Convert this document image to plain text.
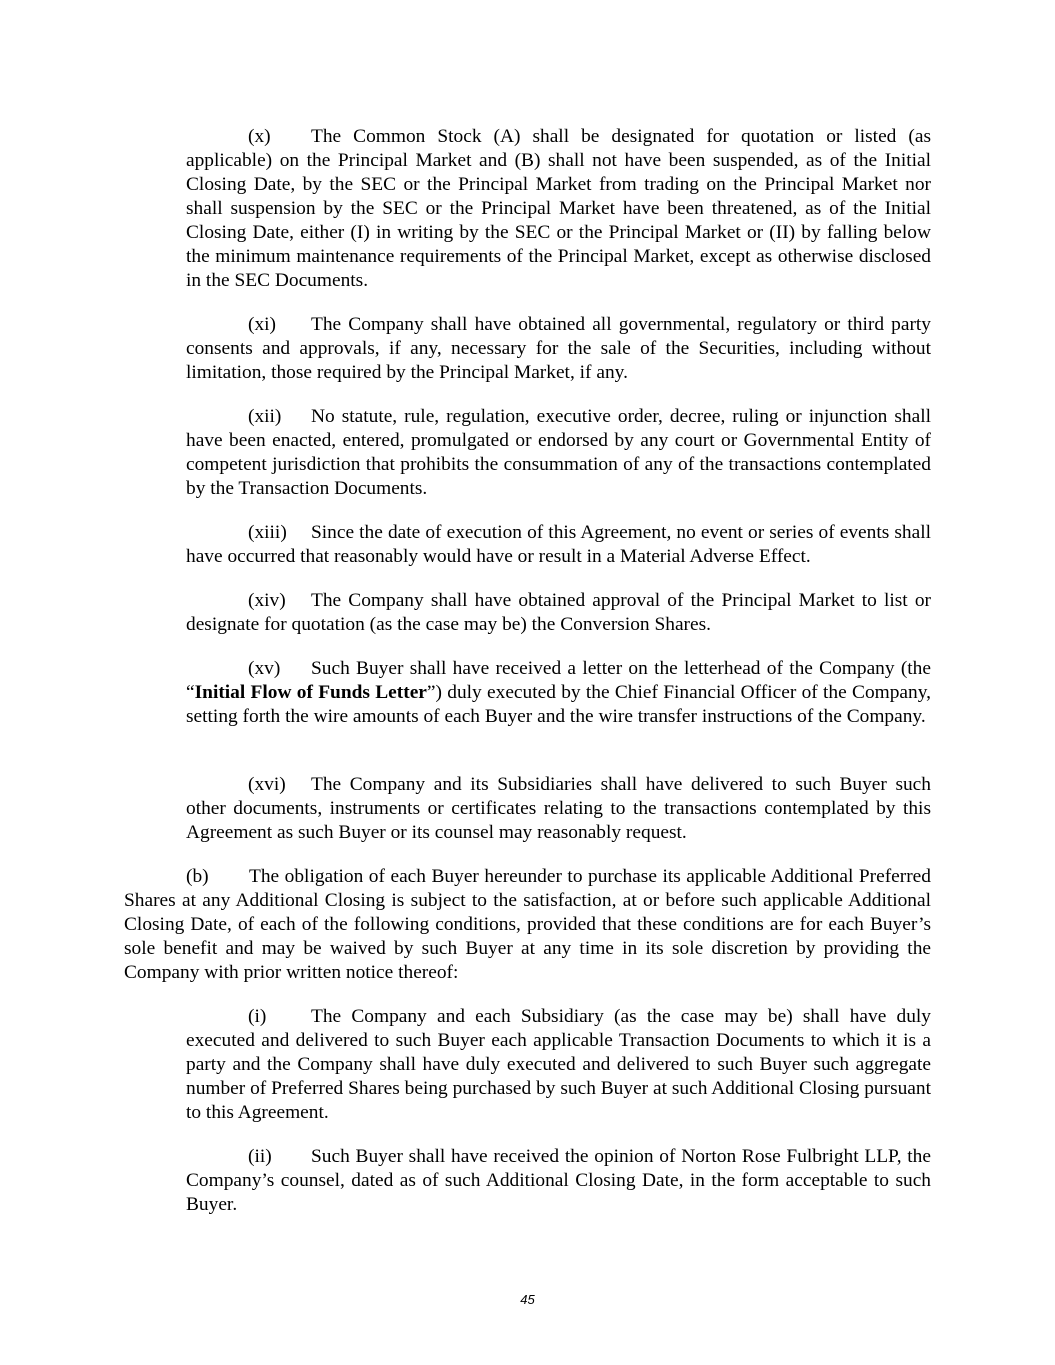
(x) The Common Stock (A) shall be designated for quotation or listed (as applicable) on the Principal Market and (B) shall not have been suspended, as of the Initial Closing Date, by the SEC or the Principal Market from trading on the Principal Market nor shall suspension by the SEC or the Principal Market have been threatened, as of the Initial Closing Date, either (I) in writing by the SEC or the Principal Market or (II) by falling below the minimum maintenance requirements of the Principal Market, except as otherwise disclosed in the SEC Documents.

(xi) The Company shall have obtained all governmental, regulatory or third party consents and approvals, if any, necessary for the sale of the Securities, including without limitation, those required by the Principal Market, if any.

(xii) No statute, rule, regulation, executive order, decree, ruling or injunction shall have been enacted, entered, promulgated or endorsed by any court or Governmental Entity of competent jurisdiction that prohibits the consummation of any of the transactions contemplated by the Transaction Documents.

(xiii) Since the date of execution of this Agreement, no event or series of events shall have occurred that reasonably would have or result in a Material Adverse Effect.

(xiv) The Company shall have obtained approval of the Principal Market to list or designate for quotation (as the case may be) the Conversion Shares.

(xv) Such Buyer shall have received a letter on the letterhead of the Company (the “Initial Flow of Funds Letter”) duly executed by the Chief Financial Officer of the Company, setting forth the wire amounts of each Buyer and the wire transfer instructions of the Company.

(xvi) The Company and its Subsidiaries shall have delivered to such Buyer such other documents, instruments or certificates relating to the transactions contemplated by this Agreement as such Buyer or its counsel may reasonably request.

(b) The obligation of each Buyer hereunder to purchase its applicable Additional Preferred Shares at any Additional Closing is subject to the satisfaction, at or before such applicable Additional Closing Date, of each of the following conditions, provided that these conditions are for each Buyer’s sole benefit and may be waived by such Buyer at any time in its sole discretion by providing the Company with prior written notice thereof:

(i) The Company and each Subsidiary (as the case may be) shall have duly executed and delivered to such Buyer each applicable Transaction Documents to which it is a party and the Company shall have duly executed and delivered to such Buyer such aggregate number of Preferred Shares being purchased by such Buyer at such Additional Closing pursuant to this Agreement.

(ii) Such Buyer shall have received the opinion of Norton Rose Fulbright LLP, the Company’s counsel, dated as of such Additional Closing Date, in the form acceptable to such Buyer.

45
